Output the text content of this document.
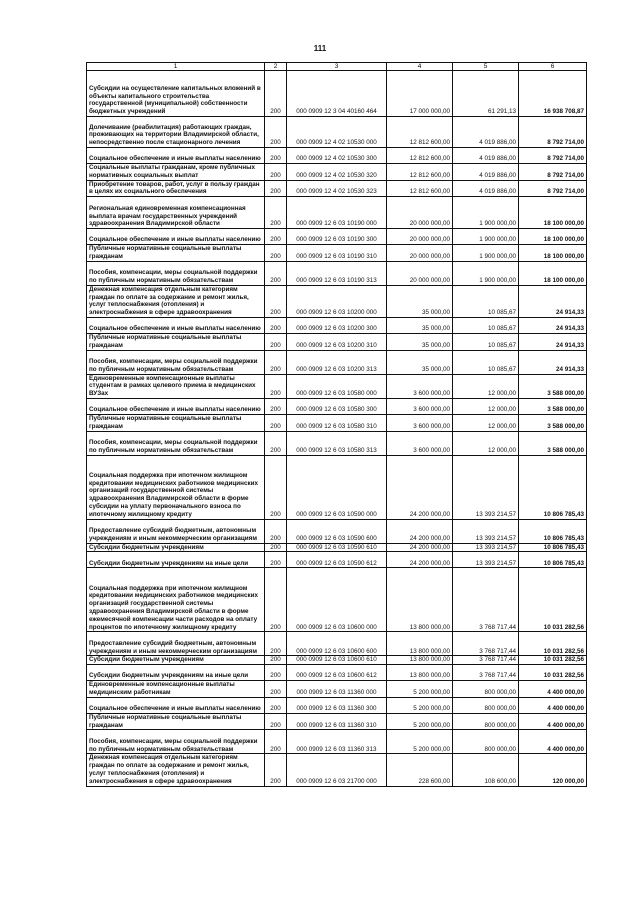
111
1	2	3	4	5	6
Субсидии на осуществление капитальных вложений в объекты капитального строительства государственной (муниципальной) собственности бюджетных учреждений	200	000 0909 12 3 04 40160 464	17 000 000,00	61 291,13	16 938 708,87
Долечивание (реабилитация) работающих граждан, проживающих на территории Владимирской области, непосредственно после стационарного лечения	200	000 0909 12 4 02 10530 000	12 812 600,00	4 019 886,00	8 792 714,00
Социальное обеспечение и иные выплаты населению	200	000 0909 12 4 02 10530 300	12 812 600,00	4 019 886,00	8 792 714,00
Социальные выплаты гражданам, кроме публичных нормативных социальных выплат	200	000 0909 12 4 02 10530 320	12 812 600,00	4 019 886,00	8 792 714,00
Приобретение товаров, работ, услуг в пользу граждан в целях их социального обеспечения	200	000 0909 12 4 02 10530 323	12 812 600,00	4 019 886,00	8 792 714,00
Региональная единовременная компенсационная выплата врачам государственных учреждений здравоохранения Владимирской области	200	000 0909 12 6 03 10190 000	20 000 000,00	1 900 000,00	18 100 000,00
Социальное обеспечение и иные выплаты населению	200	000 0909 12 6 03 10190 300	20 000 000,00	1 900 000,00	18 100 000,00
Публичные нормативные социальные выплаты гражданам	200	000 0909 12 6 03 10190 310	20 000 000,00	1 900 000,00	18 100 000,00
Пособия, компенсации, меры социальной поддержки по публичным нормативным обязательствам	200	000 0909 12 6 03 10190 313	20 000 000,00	1 900 000,00	18 100 000,00
Денежная компенсация отдельным категориям граждан по оплате за содержание и ремонт жилья, услуг теплоснабжения (отопления) и электроснабжения в сфере здравоохранения	200	000 0909 12 6 03 10200 000	35 000,00	10 085,67	24 914,33
Социальное обеспечение и иные выплаты населению	200	000 0909 12 6 03 10200 300	35 000,00	10 085,67	24 914,33
Публичные нормативные социальные выплаты гражданам	200	000 0909 12 6 03 10200 310	35 000,00	10 085,67	24 914,33
Пособия, компенсации, меры социальной поддержки по публичным нормативным обязательствам	200	000 0909 12 6 03 10200 313	35 000,00	10 085,67	24 914,33
Единовременные компенсационные выплаты студентам в рамках целевого приема в медицинских ВУЗах	200	000 0909 12 6 03 10580 000	3 600 000,00	12 000,00	3 588 000,00
Социальное обеспечение и иные выплаты населению	200	000 0909 12 6 03 10580 300	3 600 000,00	12 000,00	3 588 000,00
Публичные нормативные социальные выплаты гражданам	200	000 0909 12 6 03 10580 310	3 600 000,00	12 000,00	3 588 000,00
Пособия, компенсации, меры социальной поддержки по публичным нормативным обязательствам	200	000 0909 12 6 03 10580 313	3 600 000,00	12 000,00	3 588 000,00
Социальная поддержка при ипотечном жилищном кредитовании медицинских работников медицинских организаций государственной системы здравоохранения Владимирской области в форме субсидии на уплату первоначального взноса по ипотечному жилищному кредиту	200	000 0909 12 6 03 10590 000	24 200 000,00	13 393 214,57	10 806 785,43
Предоставление субсидий бюджетным, автономным учреждениям и иным некоммерческим организациям	200	000 0909 12 6 03 10590 600	24 200 000,00	13 393 214,57	10 806 785,43
Субсидии бюджетным учреждениям	200	000 0909 12 6 03 10590 610	24 200 000,00	13 393 214,57	10 806 785,43
Субсидии бюджетным учреждениям на иные цели	200	000 0909 12 6 03 10590 612	24 200 000,00	13 393 214,57	10 806 785,43
Социальная поддержка при ипотечном жилищном кредитовании медицинских работников медицинских организаций государственной системы здравоохранения Владимирской области в форме ежемесячной компенсации части расходов на оплату процентов по ипотечному жилищному кредиту	200	000 0909 12 6 03 10600 000	13 800 000,00	3 768 717,44	10 031 282,56
Предоставление субсидий бюджетным, автономным учреждениям и иным некоммерческим организациям	200	000 0909 12 6 03 10600 600	13 800 000,00	3 768 717,44	10 031 282,56
Субсидии бюджетным учреждениям	200	000 0909 12 6 03 10600 610	13 800 000,00	3 768 717,44	10 031 282,56
Субсидии бюджетным учреждениям на иные цели	200	000 0909 12 6 03 10600 612	13 800 000,00	3 768 717,44	10 031 282,56
Единовременные компенсационные выплаты медицинским работникам	200	000 0909 12 6 03 11360 000	5 200 000,00	800 000,00	4 400 000,00
Социальное обеспечение и иные выплаты населению	200	000 0909 12 6 03 11360 300	5 200 000,00	800 000,00	4 400 000,00
Публичные нормативные социальные выплаты гражданам	200	000 0909 12 6 03 11360 310	5 200 000,00	800 000,00	4 400 000,00
Пособия, компенсации, меры социальной поддержки по публичным нормативным обязательствам	200	000 0909 12 6 03 11360 313	5 200 000,00	800 000,00	4 400 000,00
Денежная компенсация отдельным категориям граждан по оплате за содержание и ремонт жилья, услуг теплоснабжения (отопления) и электроснабжения в сфере здравоохранения	200	000 0909 12 6 03 21700 000	228 600,00	108 600,00	120 000,00
